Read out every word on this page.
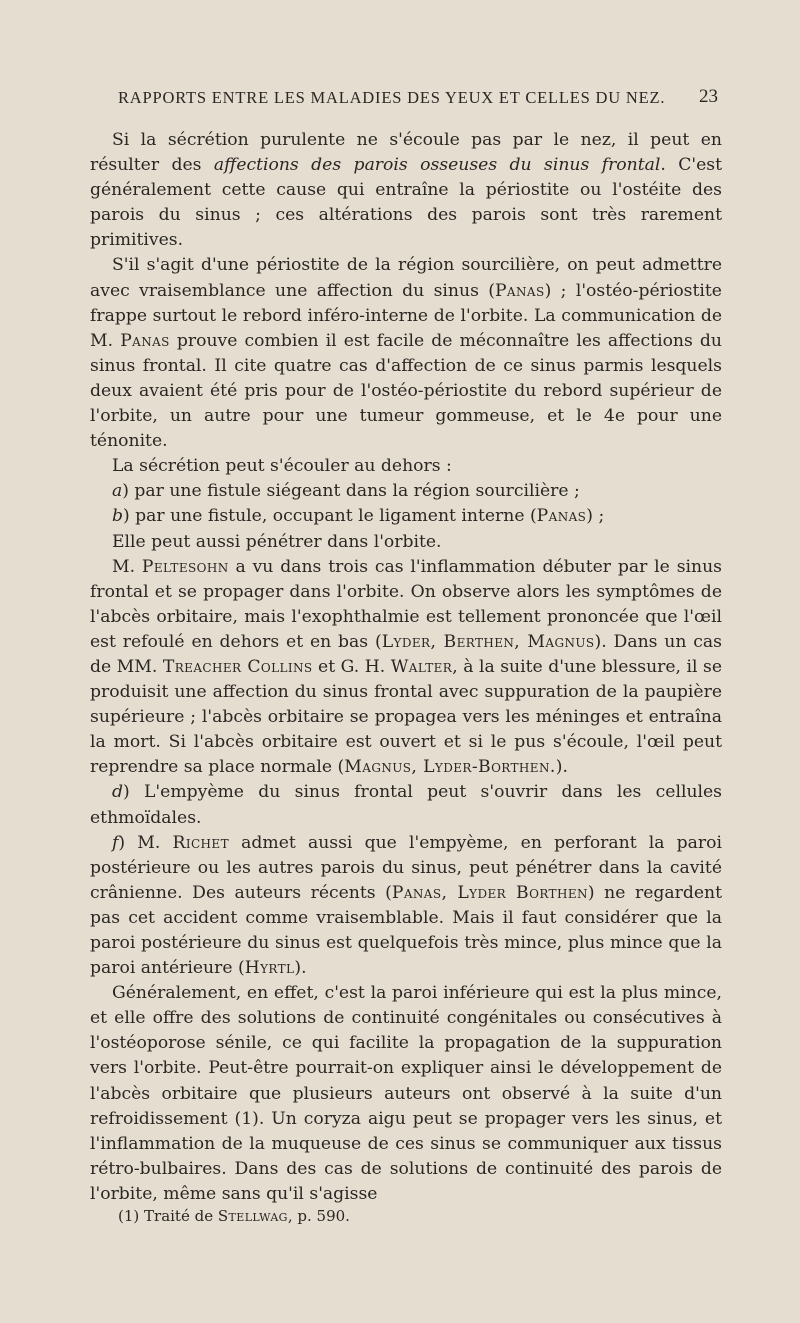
RAPPORTS ENTRE LES MALADIES DES YEUX ET CELLES DU NEZ. 23

Si la sécrétion purulente ne s'écoule pas par le nez, il peut en résulter des affections des parois osseuses du sinus frontal. C'est généralement cette cause qui entraîne la périostite ou l'ostéite des parois du sinus ; ces altérations des parois sont très rarement primitives.

S'il s'agit d'une périostite de la région sourcilière, on peut admettre avec vraisemblance une affection du sinus (Panas) ; l'ostéo-périostite frappe surtout le rebord inféro-interne de l'orbite. La communication de M. Panas prouve combien il est facile de méconnaître les affections du sinus frontal. Il cite quatre cas d'affection de ce sinus parmis lesquels deux avaient été pris pour de l'ostéo-périostite du rebord supérieur de l'orbite, un autre pour une tumeur gommeuse, et le 4e pour une ténonite.

La sécrétion peut s'écouler au dehors :

a) par une fistule siégeant dans la région sourcilière ;

b) par une fistule, occupant le ligament interne (Panas) ;

Elle peut aussi pénétrer dans l'orbite.

M. Peltesohn a vu dans trois cas l'inflammation débuter par le sinus frontal et se propager dans l'orbite. On observe alors les symptômes de l'abcès orbitaire, mais l'exophthalmie est tellement prononcée que l'œil est refoulé en dehors et en bas (Lyder, Berthen, Magnus). Dans un cas de MM. Treacher Collins et G. H. Walter, à la suite d'une blessure, il se produisit une affection du sinus frontal avec suppuration de la paupière supérieure ; l'abcès orbitaire se propagea vers les méninges et entraîna la mort. Si l'abcès orbitaire est ouvert et si le pus s'écoule, l'œil peut reprendre sa place normale (Magnus, Lyder-Borthen.).

d) L'empyème du sinus frontal peut s'ouvrir dans les cellules ethmoïdales.

f) M. Richet admet aussi que l'empyème, en perforant la paroi postérieure ou les autres parois du sinus, peut pénétrer dans la cavité crânienne. Des auteurs récents (Panas, Lyder Borthen) ne regardent pas cet accident comme vraisemblable. Mais il faut considérer que la paroi postérieure du sinus est quelquefois très mince, plus mince que la paroi antérieure (Hyrtl).

Généralement, en effet, c'est la paroi inférieure qui est la plus mince, et elle offre des solutions de continuité congénitales ou consécutives à l'ostéoporose sénile, ce qui facilite la propagation de la suppuration vers l'orbite. Peut-être pourrait-on expliquer ainsi le développement de l'abcès orbitaire que plusieurs auteurs ont observé à la suite d'un refroidissement (1). Un coryza aigu peut se propager vers les sinus, et l'inflammation de la muqueuse de ces sinus se communiquer aux tissus rétro-bulbaires. Dans des cas de solutions de continuité des parois de l'orbite, même sans qu'il s'agisse

(1) Traité de Stellwag, p. 590.
